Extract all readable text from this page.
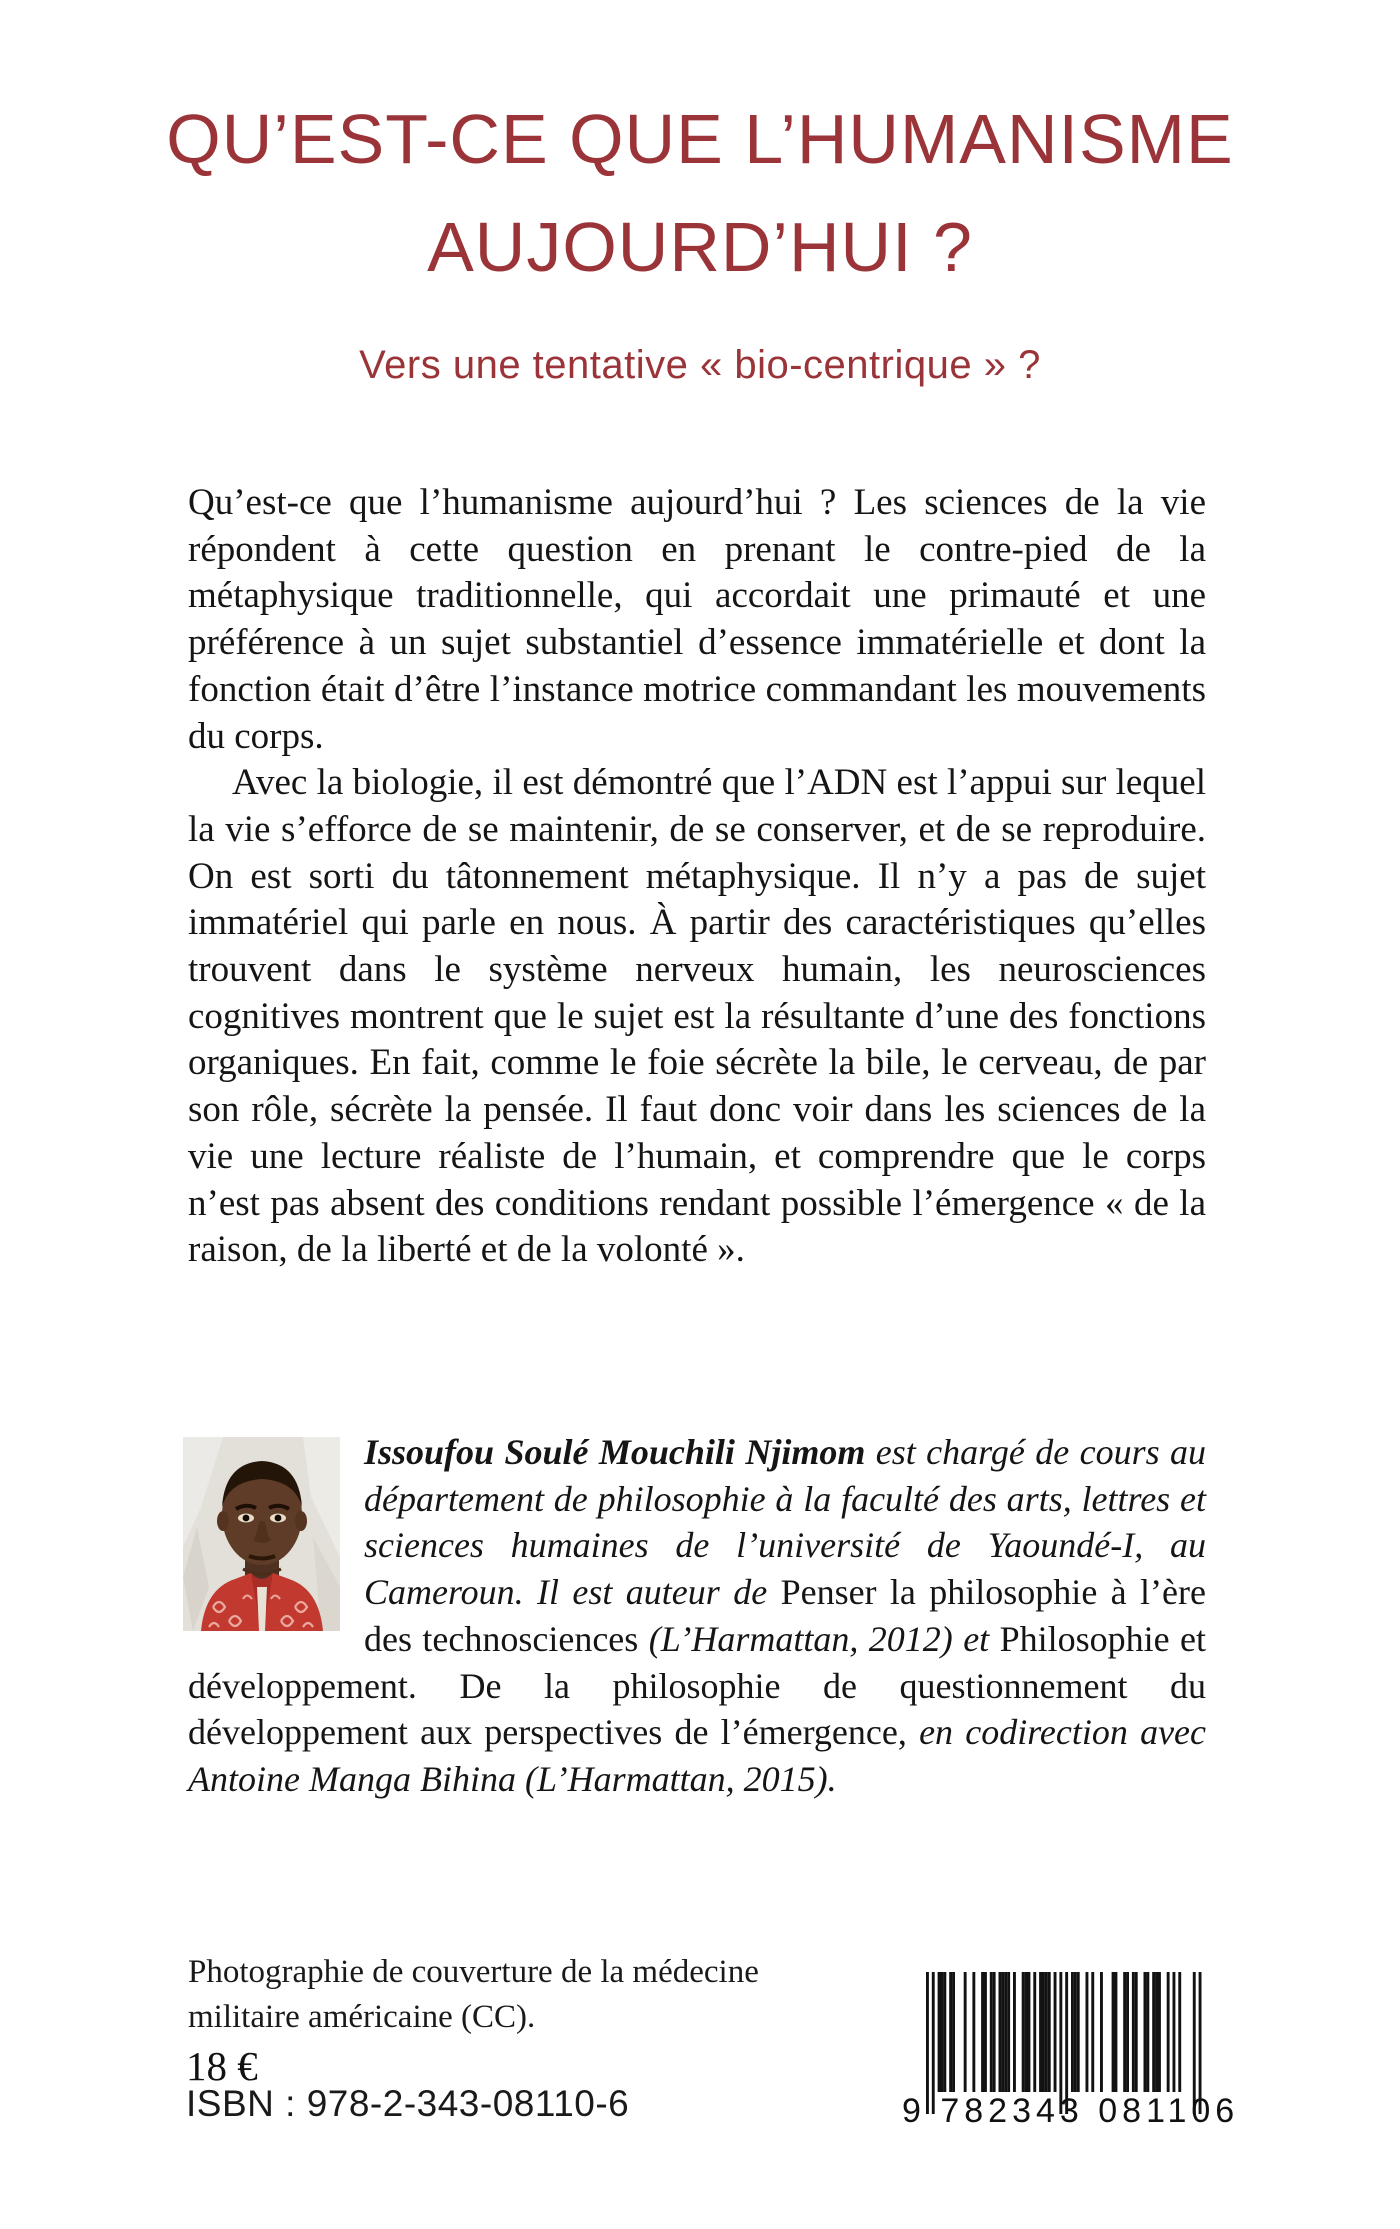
QU’EST-CE QUE L’HUMANISME
AUJOURD’HUI ?
Vers une tentative « bio-centrique » ?

Qu’est-ce que l’humanisme aujourd’hui ? Les sciences de la vie répondent à cette question en prenant le contre-pied de la métaphysique traditionnelle, qui accordait une primauté et une préférence à un sujet substantiel d’essence immatérielle et dont la fonction était d’être l’instance motrice commandant les mouvements du corps.

Avec la biologie, il est démontré que l’ADN est l’appui sur lequel la vie s’efforce de se maintenir, de se conserver, et de se reproduire. On est sorti du tâtonnement métaphysique. Il n’y a pas de sujet immatériel qui parle en nous. À partir des caractéristiques qu’elles trouvent dans le système nerveux humain, les neurosciences cognitives montrent que le sujet est la résultante d’une des fonctions organiques. En fait, comme le foie sécrète la bile, le cerveau, de par son rôle, sécrète la pensée. Il faut donc voir dans les sciences de la vie une lecture réaliste de l’humain, et comprendre que le corps n’est pas absent des conditions rendant possible l’émergence « de la raison, de la liberté et de la volonté ».

Issoufou Soulé Mouchili Njimom est chargé de cours au département de philosophie à la faculté des arts, lettres et sciences humaines de l’université de Yaoundé-I, au Cameroun. Il est auteur de Penser la philosophie à l’ère des technosciences (L’Harmattan, 2012) et Philosophie et développement. De la philosophie de questionnement du développement aux perspectives de l’émergence, en codirection avec Antoine Manga Bihina (L’Harmattan, 2015).
Photographie de couverture de la médecine
militaire américaine (CC).
18 €
ISBN : 978-2-343-08110-6	9 782343 081106
